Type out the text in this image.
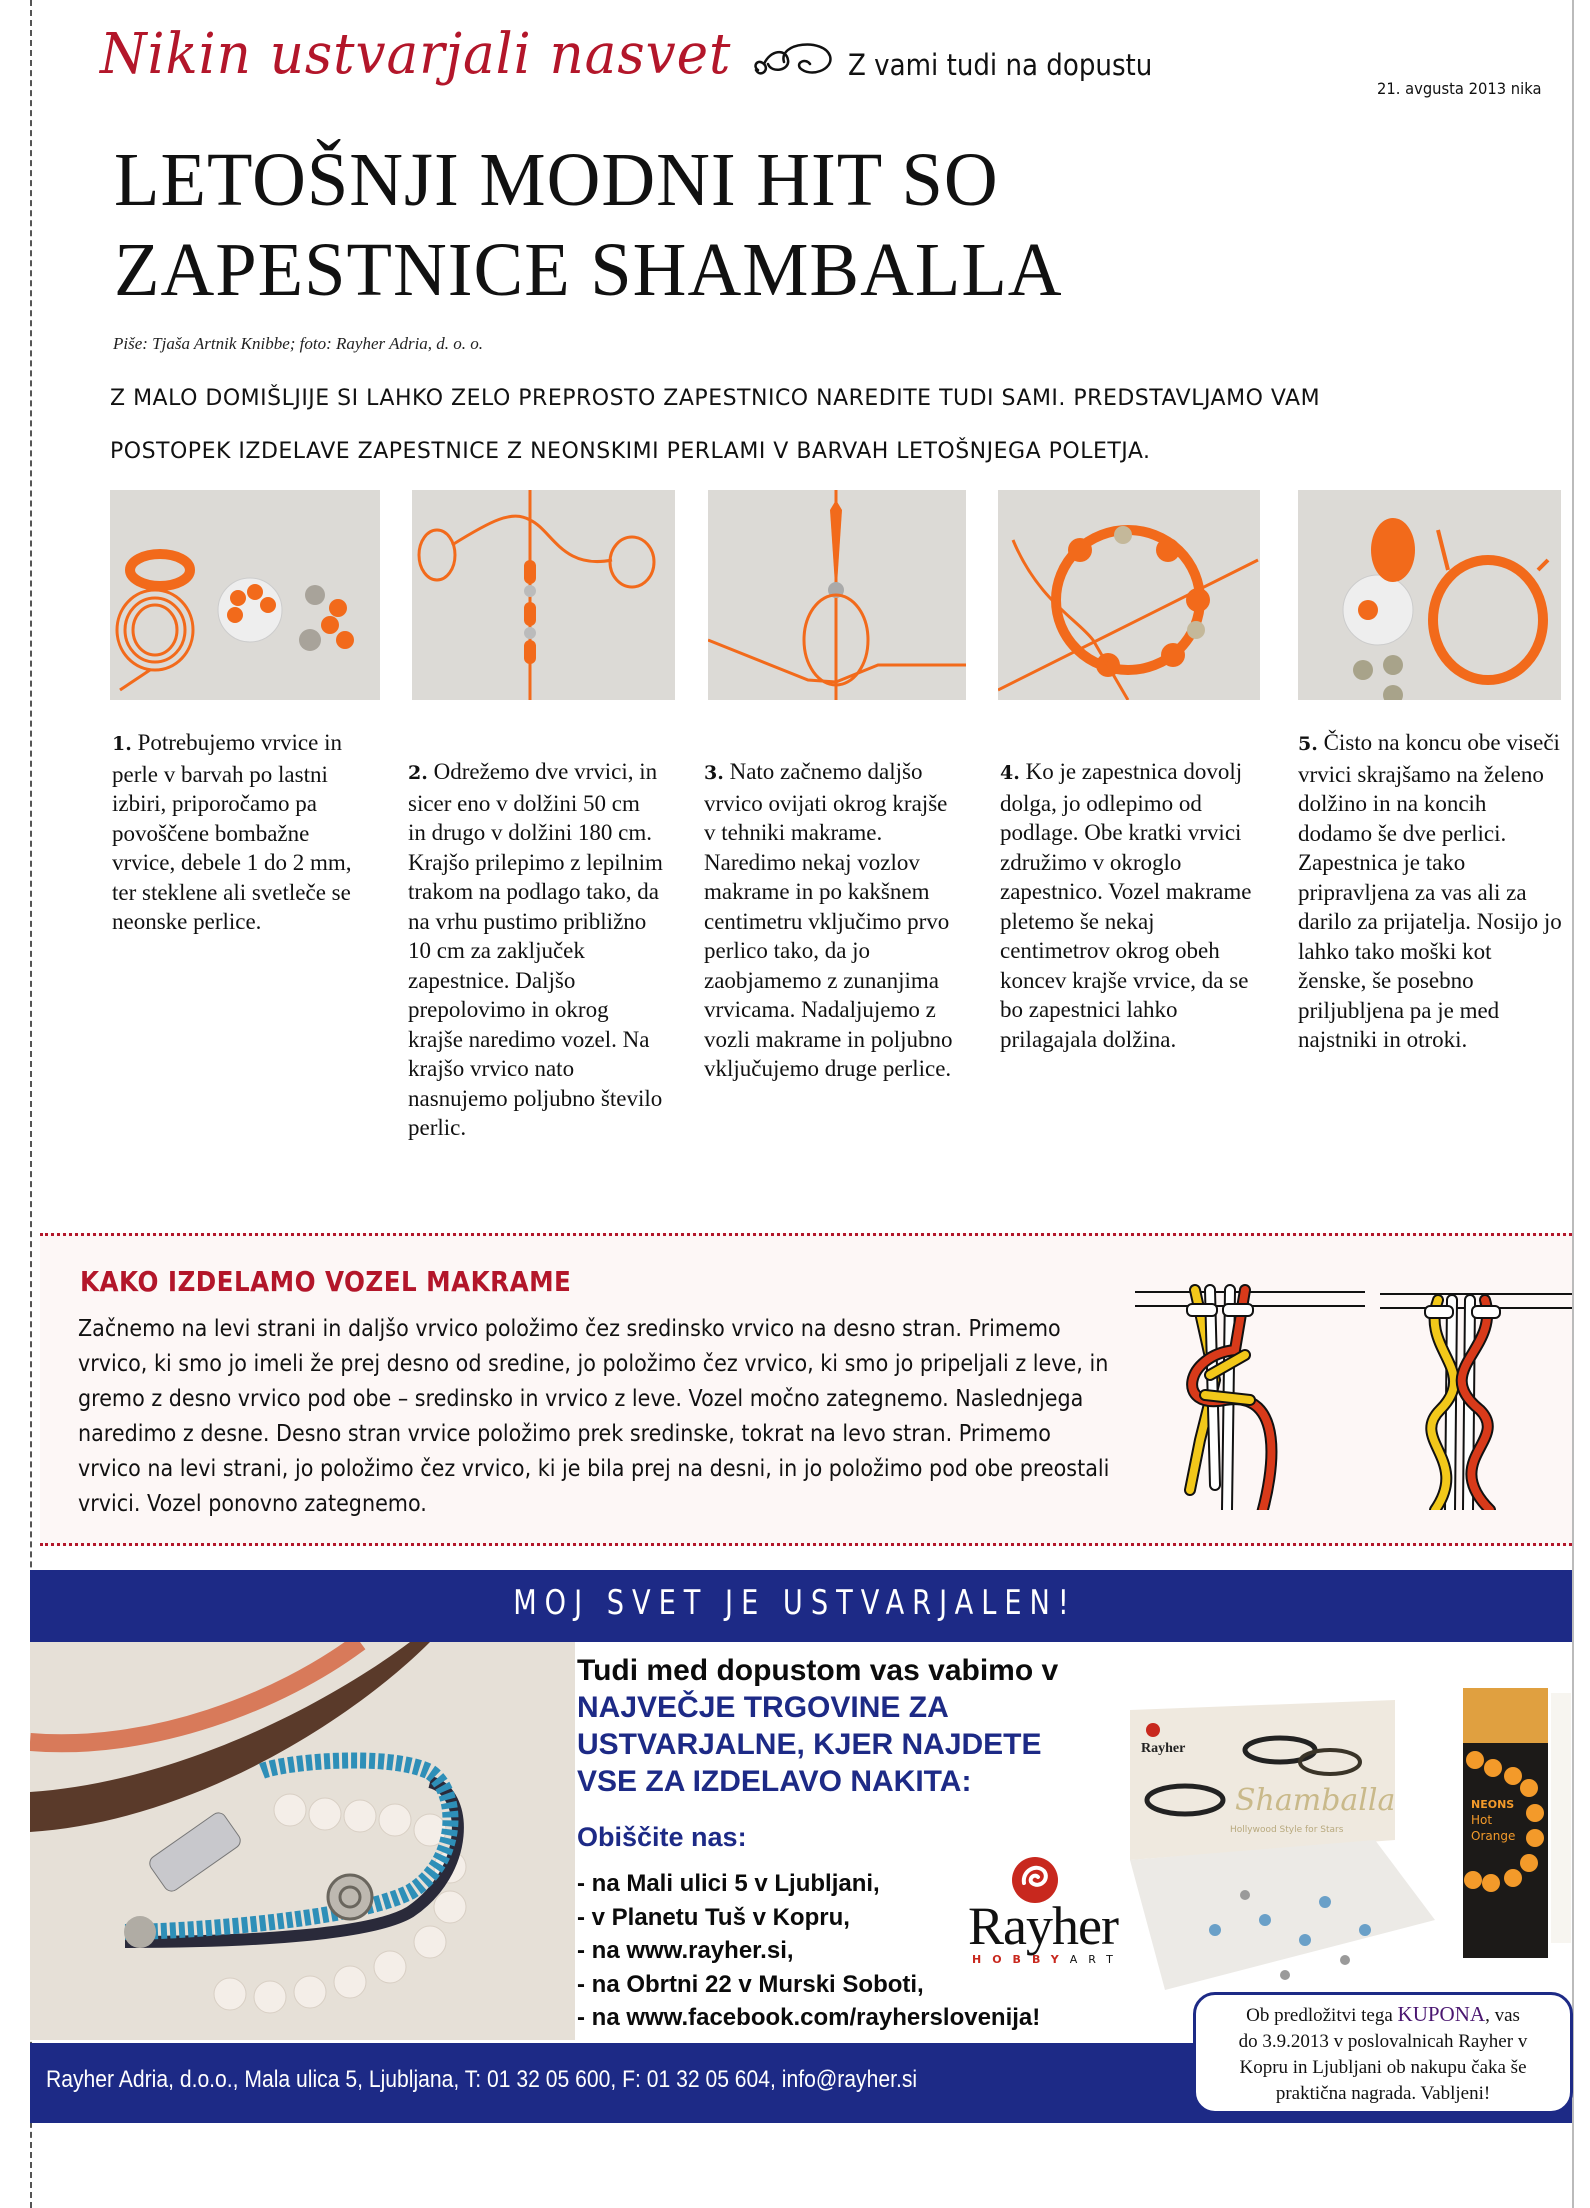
Nikin ustvarjali nasvet	Z vami tudi na dopustu
21. avgusta 2013 nika
LETOŠNJI MODNI HIT SO
ZAPESTNICE SHAMBALLA
Piše: Tjaša Artnik Knibbe; foto: Rayher Adria, d. o. o.
Z MALO DOMIŠLJIJE SI LAHKO ZELO PREPROSTO ZAPESTNICO NAREDITE TUDI SAMI. PREDSTAVLJAMO VAM
POSTOPEK IZDELAVE ZAPESTNICE Z NEONSKIMI PERLAMI V BARVAH LETOŠNJEGA POLETJA.
1. Potrebujemo vrvice in perle v barvah po lastni izbiri, priporočamo pa povoščene bombažne vrvice, debele 1 do 2 mm, ter steklene ali svetleče se neonske perlice.
2. Odrežemo dve vrvici, in sicer eno v dolžini 50 cm in drugo v dolžini 180 cm. Krajšo prilepimo z lepilnim trakom na podlago tako, da na vrhu pustimo približno 10 cm za zaključek zapestnice. Daljšo prepolovimo in okrog krajše naredimo vozel. Na krajšo vrvico nato nasnujemo poljubno število perlic.
3. Nato začnemo daljšo vrvico ovijati okrog krajše v tehniki makrame. Naredimo nekaj vozlov makrame in po kakšnem centimetru vključimo prvo perlico tako, da jo zaobjamemo z zunanjima vrvicama. Nadaljujemo z vozli makrame in poljubno vključujemo druge perlice.
4. Ko je zapestnica dovolj dolga, jo odlepimo od podlage. Obe kratki vrvici združimo v okroglo zapestnico. Vozel makrame pletemo še nekaj centimetrov okrog obeh koncev krajše vrvice, da se bo zapestnici lahko prilagajala dolžina.
5. Čisto na koncu obe viseči vrvici skrajšamo na želeno dolžino in na koncih dodamo še dve perlici. Zapestnica je tako pripravljena za vas ali za darilo za prijatelja. Nosijo jo lahko tako moški kot ženske, še posebno priljubljena pa je med najstniki in otroki.
KAKO IZDELAMO VOZEL MAKRAME
Začnemo na levi strani in daljšo vrvico položimo čez sredinsko vrvico na desno stran. Primemo vrvico, ki smo jo imeli že prej desno od sredine, jo položimo čez vrvico, ki smo jo pripeljali z leve, in gremo z desno vrvico pod obe – sredinsko in vrvico z leve. Vozel močno zategnemo. Naslednjega naredimo z desne. Desno stran vrvice položimo prek sredinske, tokrat na levo stran. Primemo vrvico na levi strani, jo položimo čez vrvico, ki je bila prej na desni, in jo položimo pod obe preostali vrvici. Vozel ponovno zategnemo.
MOJ SVET JE USTVARJALEN!
Tudi med dopustom vas vabimo v
NAJVEČJE TRGOVINE ZA
USTVARJALNE, KJER NAJDETE
VSE ZA IZDELAVO NAKITA:
Obiščite nas:
- na Mali ulici 5 v Ljubljani,
- v Planetu Tuš v Kopru,
- na www.rayher.si,
- na Obrtni 22 v Murski Soboti,
- na www.facebook.com/rayherslovenija!
Rayher
HOBBYART
Rayher
Shamballa
Hollywood Style for Stars
NEONS
Hot
Orange
Rayher Adria, d.o.o., Mala ulica 5, Ljubljana, T: 01 32 05 600, F: 01 32 05 604, info@rayher.si
Ob predložitvi tega KUPONA, vas
do 3.9.2013 v poslovalnicah Rayher v
Kopru in Ljubljani ob nakupu čaka še
praktična nagrada. Vabljeni!
